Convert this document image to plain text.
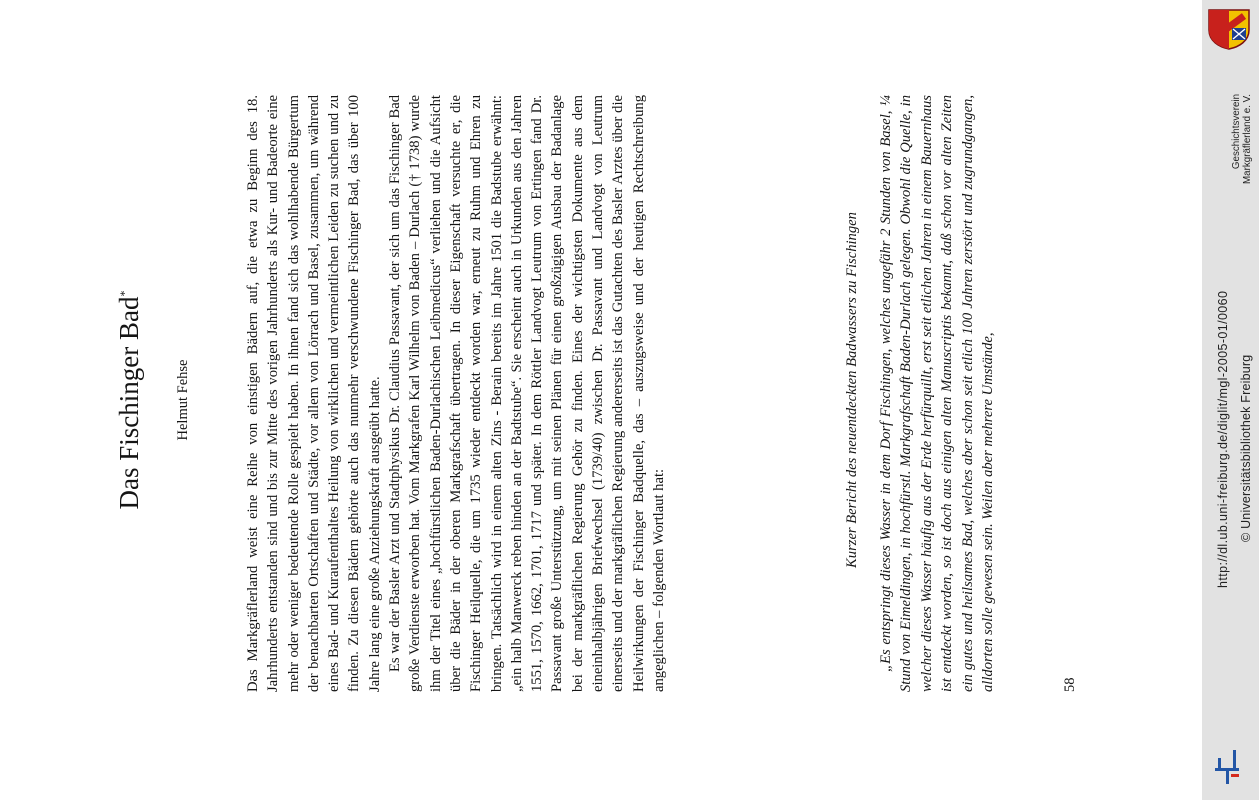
Das Fischinger Bad*
Helmut Fehse	Das Markgräflerland weist eine Reihe von einstigen Bädern auf, die etwa zu Beginn des 18. Jahrhunderts entstanden sind und bis zur Mitte des vorigen Jahrhunderts als Kur- und Badeorte eine mehr oder weniger bedeutende Rolle gespielt haben. In ihnen fand sich das wohlhabende Bürgertum der benachbarten Ortschaften und Städte, vor allem von Lörrach und Basel, zusammen, um während eines Bad- und Kuraufenthaltes Heilung von wirklichen und vermeintlichen Leiden zu suchen und zu finden. Zu diesen Bädern gehörte auch das nunmehr verschwundene Fischinger Bad, das über 100 Jahre lang eine große Anziehungskraft ausgeübt hatte. Es war der Basler Arzt und Stadtphysikus Dr. Claudius Passavant, der sich um das Fischinger Bad große Verdienste erworben hat. Vom Markgrafen Karl Wilhelm von Baden – Durlach († 1738) wurde ihm der Titel eines „hochfürstlichen Baden-Durlachischen Leibmedicus“ verliehen und die Aufsicht über die Bäder in der oberen Markgrafschaft übertragen. In dieser Eigenschaft versuchte er, die Fischinger Heilquelle, die um 1735 wieder entdeckt worden war, erneut zu Ruhm und Ehren zu bringen. Tatsächlich wird in einem alten Zins - Berain bereits im Jahre 1501 die Badstube erwähnt: „ein halb Manwerck reben hinden an der Badtstube“. Sie erscheint auch in Urkunden aus den Jahren 1551, 1570, 1662, 1701, 1717 und später. In dem Röttler Landvogt Leutrum von Ertingen fand Dr. Passavant große Unterstützung, um mit seinen Plänen für einen großzügigen Ausbau der Badanlage bei der markgräflichen Regierung Gehör zu finden. Eines der wichtigsten Dokumente aus dem eineinhalbjährigen Briefwechsel (1739/40) zwischen Dr. Passavant und Landvogt von Leutrum einerseits und der markgräflichen Regierung andererseits ist das Gutachten des Basler Arztes über die Heilwirkungen der Fischinger Badquelle, das – auszugsweise und der heutigen Rechtschreibung angeglichen – folgenden Wortlaut hat:

Kurzer Bericht des neuentdeckten Badwassers zu Fischingen „Es entspringt dieses Wasser in dem Dorf Fischingen, welches ungefähr 2 Stunden von Basel, ¼ Stund von Eimeldingen, in hochfürstl. Markgrafschaft Baden-Durlach gelegen. Obwohl die Quelle, in welcher dieses Wasser häufig aus der Erde herfürquillt, erst seit etlichen Jahren in einem Bauernhaus ist entdeckt worden, so ist doch aus einigen alten Manuscriptis bekannt, daß schon vor alten Zeiten ein gutes und heilsames Bad, welches aber schon seit etlich 100 Jahren zerstört und zugrundgangen, alldorten solle gewesen sein. Weilen aber mehrere Umstände,	58
Geschichtsverein Markgräflerland e. V.
http://dl.ub.uni-freiburg.de/diglit/mgl-2005-01/0060 © Universitätsbibliothek Freiburg
